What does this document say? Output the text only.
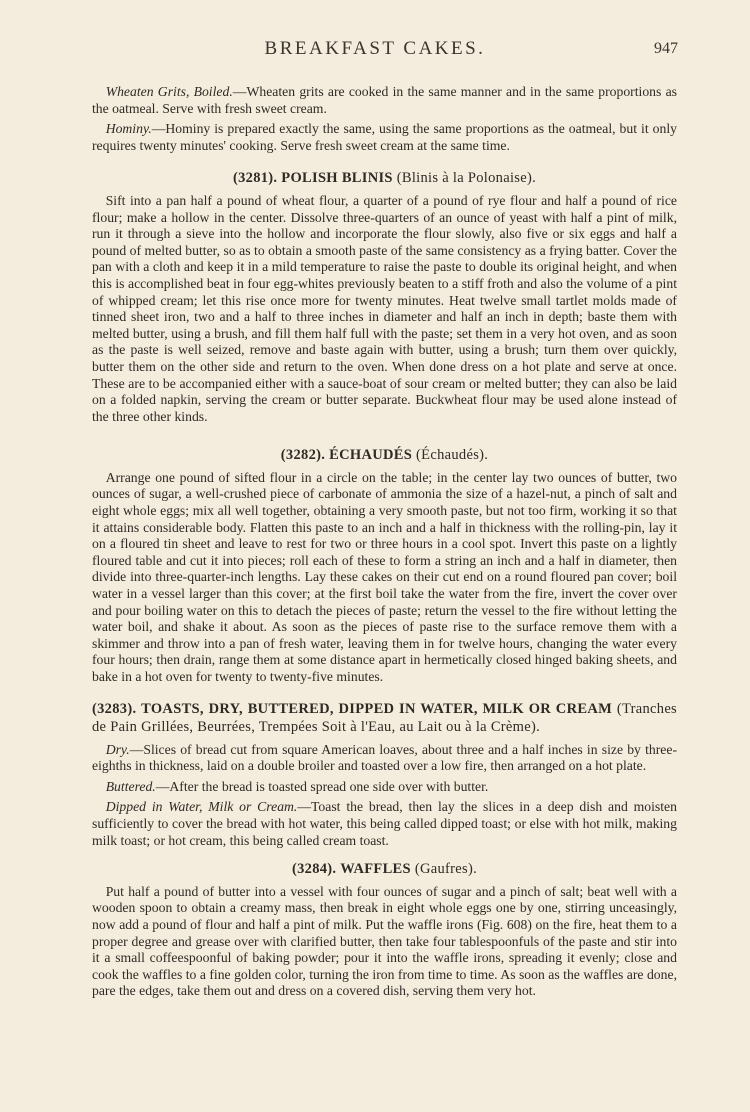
BREAKFAST CAKES.	947

 Wheaten Grits, Boiled.—Wheaten grits are cooked in the same manner and in the same proportions as the oatmeal. Serve with fresh sweet cream.

 Hominy.—Hominy is prepared exactly the same, using the same proportions as the oatmeal, but it only requires twenty minutes' cooking. Serve fresh sweet cream at the same time.

(3281). POLISH BLINIS (Blinis à la Polonaise).

 Sift into a pan half a pound of wheat flour, a quarter of a pound of rye flour and half a pound of rice flour; make a hollow in the center. Dissolve three-quarters of an ounce of yeast with half a pint of milk, run it through a sieve into the hollow and incorporate the flour slowly, also five or six eggs and half a pound of melted butter, so as to obtain a smooth paste of the same consistency as a frying batter. Cover the pan with a cloth and keep it in a mild temperature to raise the paste to double its original height, and when this is accomplished beat in four egg-whites previously beaten to a stiff froth and also the volume of a pint of whipped cream; let this rise once more for twenty minutes. Heat twelve small tartlet molds made of tinned sheet iron, two and a half to three inches in diameter and half an inch in depth; baste them with melted butter, using a brush, and fill them half full with the paste; set them in a very hot oven, and as soon as the paste is well seized, remove and baste again with butter, using a brush; turn them over quickly, butter them on the other side and return to the oven. When done dress on a hot plate and serve at once. These are to be accompanied either with a sauce-boat of sour cream or melted butter; they can also be laid on a folded napkin, serving the cream or butter separate. Buckwheat flour may be used alone instead of the three other kinds.

(3282). ÉCHAUDÉS (Échaudés).

 Arrange one pound of sifted flour in a circle on the table; in the center lay two ounces of butter, two ounces of sugar, a well-crushed piece of carbonate of ammonia the size of a hazel-nut, a pinch of salt and eight whole eggs; mix all well together, obtaining a very smooth paste, but not too firm, working it so that it attains considerable body. Flatten this paste to an inch and a half in thickness with the rolling-pin, lay it on a floured tin sheet and leave to rest for two or three hours in a cool spot. Invert this paste on a lightly floured table and cut it into pieces; roll each of these to form a string an inch and a half in diameter, then divide into three-quarter-inch lengths. Lay these cakes on their cut end on a round floured pan cover; boil water in a vessel larger than this cover; at the first boil take the water from the fire, invert the cover over and pour boiling water on this to detach the pieces of paste; return the vessel to the fire without letting the water boil, and shake it about. As soon as the pieces of paste rise to the surface remove them with a skimmer and throw into a pan of fresh water, leaving them in for twelve hours, changing the water every four hours; then drain, range them at some distance apart in hermetically closed hinged baking sheets, and bake in a hot oven for twenty to twenty-five minutes.

(3283). TOASTS, DRY, BUTTERED, DIPPED IN WATER, MILK OR CREAM (Tranches de Pain Grillées, Beurrées, Trempées Soit à l'Eau, au Lait ou à la Crème).

 Dry.—Slices of bread cut from square American loaves, about three and a half inches in size by three-eighths in thickness, laid on a double broiler and toasted over a low fire, then arranged on a hot plate.

 Buttered.—After the bread is toasted spread one side over with butter.

 Dipped in Water, Milk or Cream.—Toast the bread, then lay the slices in a deep dish and moisten sufficiently to cover the bread with hot water, this being called dipped toast; or else with hot milk, making milk toast; or hot cream, this being called cream toast.

(3284). WAFFLES (Gaufres).

 Put half a pound of butter into a vessel with four ounces of sugar and a pinch of salt; beat well with a wooden spoon to obtain a creamy mass, then break in eight whole eggs one by one, stirring unceasingly, now add a pound of flour and half a pint of milk. Put the waffle irons (Fig. 608) on the fire, heat them to a proper degree and grease over with clarified butter, then take four tablespoonfuls of the paste and stir into it a small coffeespoonful of baking powder; pour it into the waffle irons, spreading it evenly; close and cook the waffles to a fine golden color, turning the iron from time to time. As soon as the waffles are done, pare the edges, take them out and dress on a covered dish, serving them very hot.
